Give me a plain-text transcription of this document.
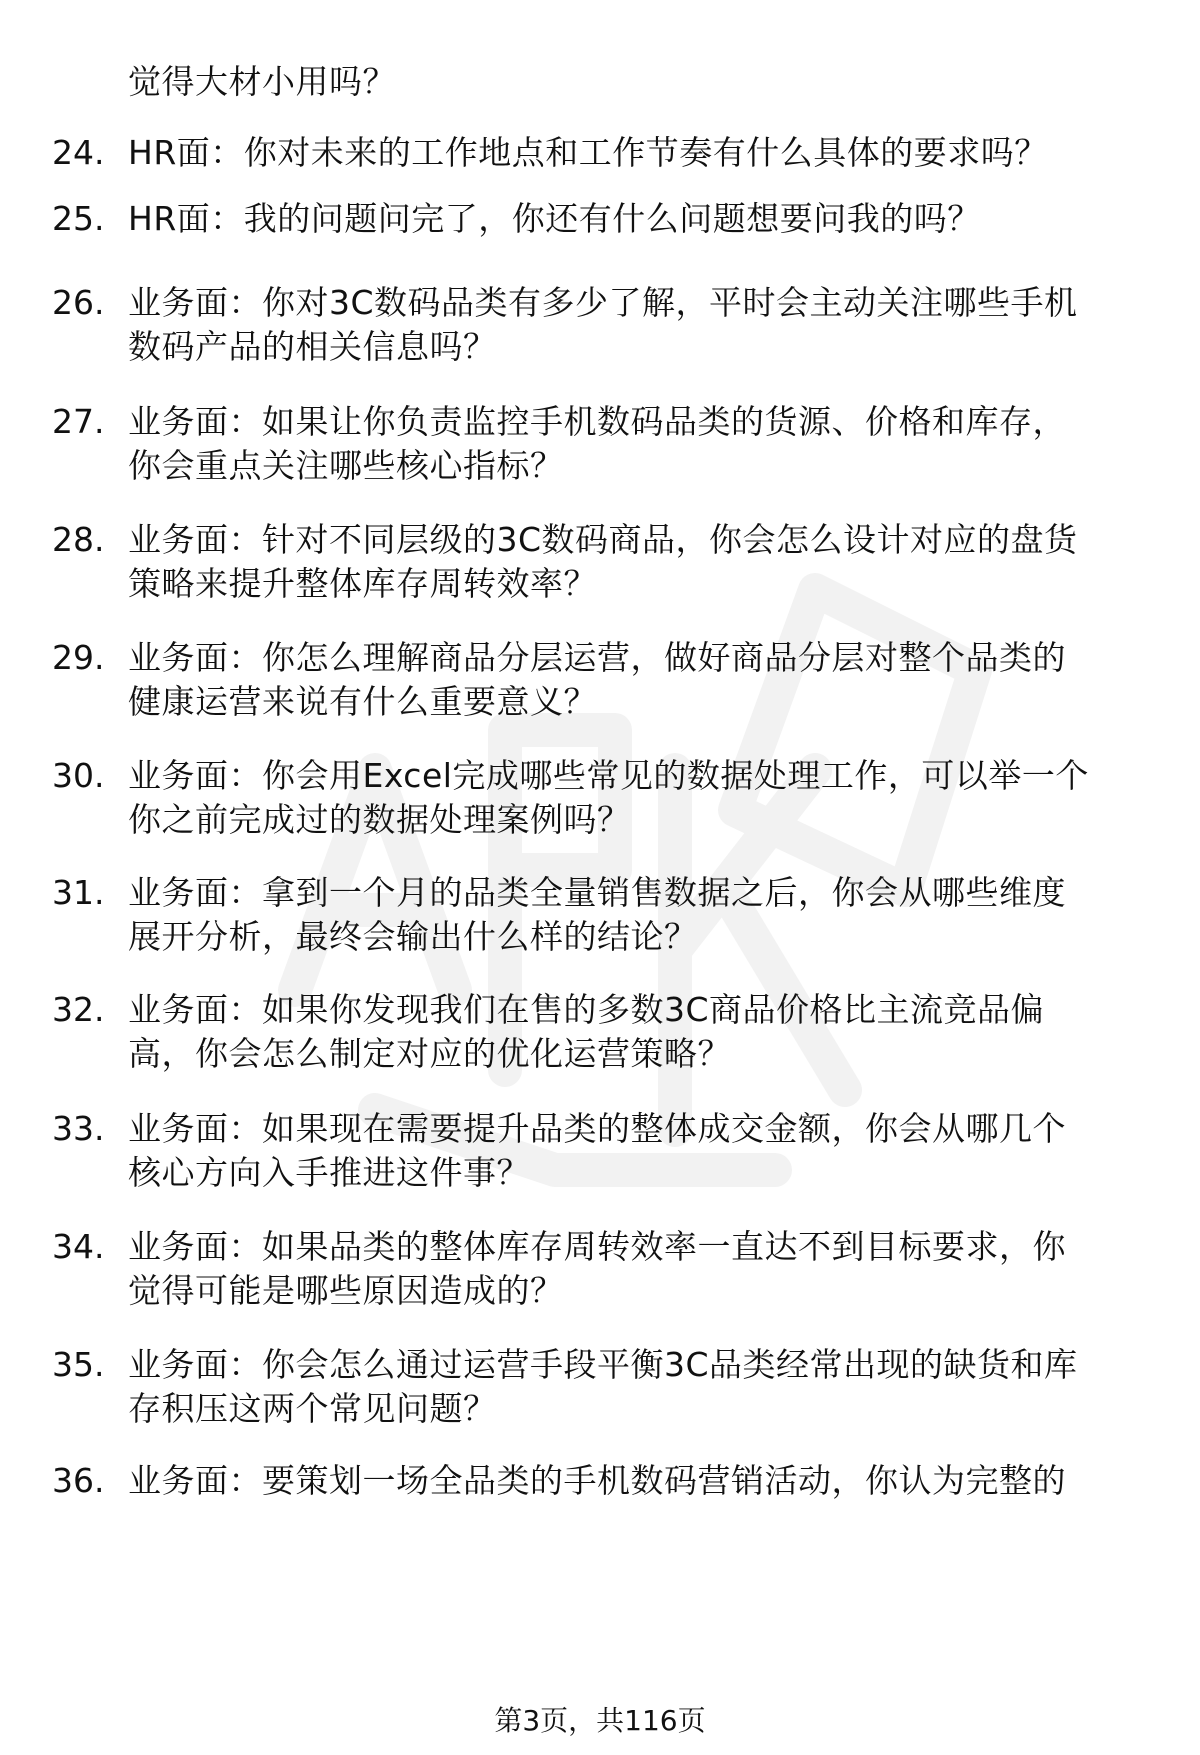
觉得大材小用吗？
24. HR面：你对未来的工作地点和工作节奏有什么具体的要求吗？
25. HR面：我的问题问完了，你还有什么问题想要问我的吗？
26. 业务面：你对3C数码品类有多少了解，平时会主动关注哪些手机
数码产品的相关信息吗？
27. 业务面：如果让你负责监控手机数码品类的货源、价格和库存，
你会重点关注哪些核心指标？
28. 业务面：针对不同层级的3C数码商品，你会怎么设计对应的盘货
策略来提升整体库存周转效率？
29. 业务面：你怎么理解商品分层运营，做好商品分层对整个品类的
健康运营来说有什么重要意义？
30. 业务面：你会用Excel完成哪些常见的数据处理工作，可以举一个
你之前完成过的数据处理案例吗？
31. 业务面：拿到一个月的品类全量销售数据之后，你会从哪些维度
展开分析，最终会输出什么样的结论？
32. 业务面：如果你发现我们在售的多数3C商品价格比主流竞品偏
高，你会怎么制定对应的优化运营策略？
33. 业务面：如果现在需要提升品类的整体成交金额，你会从哪几个
核心方向入手推进这件事？
34. 业务面：如果品类的整体库存周转效率一直达不到目标要求，你
觉得可能是哪些原因造成的？
35. 业务面：你会怎么通过运营手段平衡3C品类经常出现的缺货和库
存积压这两个常见问题？
36. 业务面：要策划一场全品类的手机数码营销活动，你认为完整的
第3页，共116页
